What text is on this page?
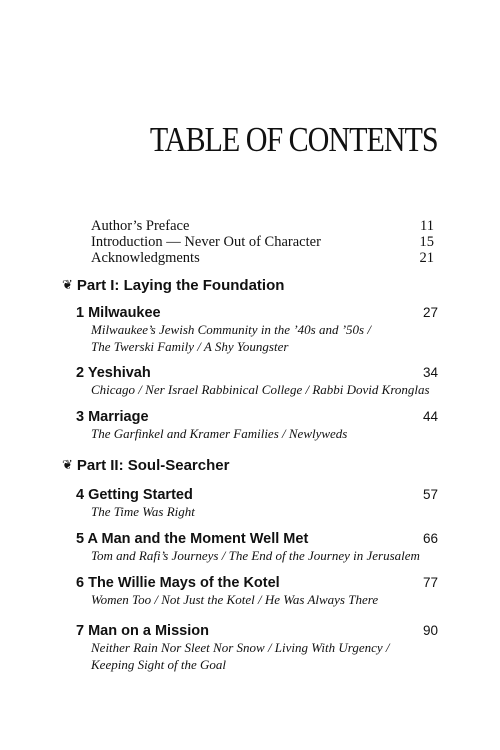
TABLE OF CONTENTS
Author’s Preface	11
Introduction — Never Out of Character	15
Acknowledgments	21
❦ Part I: Laying the Foundation
1 Milwaukee	27
Milwaukee’s Jewish Community in the ’40s and ’50s /
The Twerski Family / A Shy Youngster
2 Yeshivah	34
Chicago / Ner Israel Rabbinical College / Rabbi Dovid Kronglas
3 Marriage	44
The Garfinkel and Kramer Families / Newlyweds
❦ Part II: Soul-Searcher
4 Getting Started	57
The Time Was Right
5 A Man and the Moment Well Met	66
Tom and Rafi’s Journeys / The End of the Journey in Jerusalem
6 The Willie Mays of the Kotel	77
Women Too / Not Just the Kotel / He Was Always There
7 Man on a Mission	90
Neither Rain Nor Sleet Nor Snow / Living With Urgency /
Keeping Sight of the Goal
